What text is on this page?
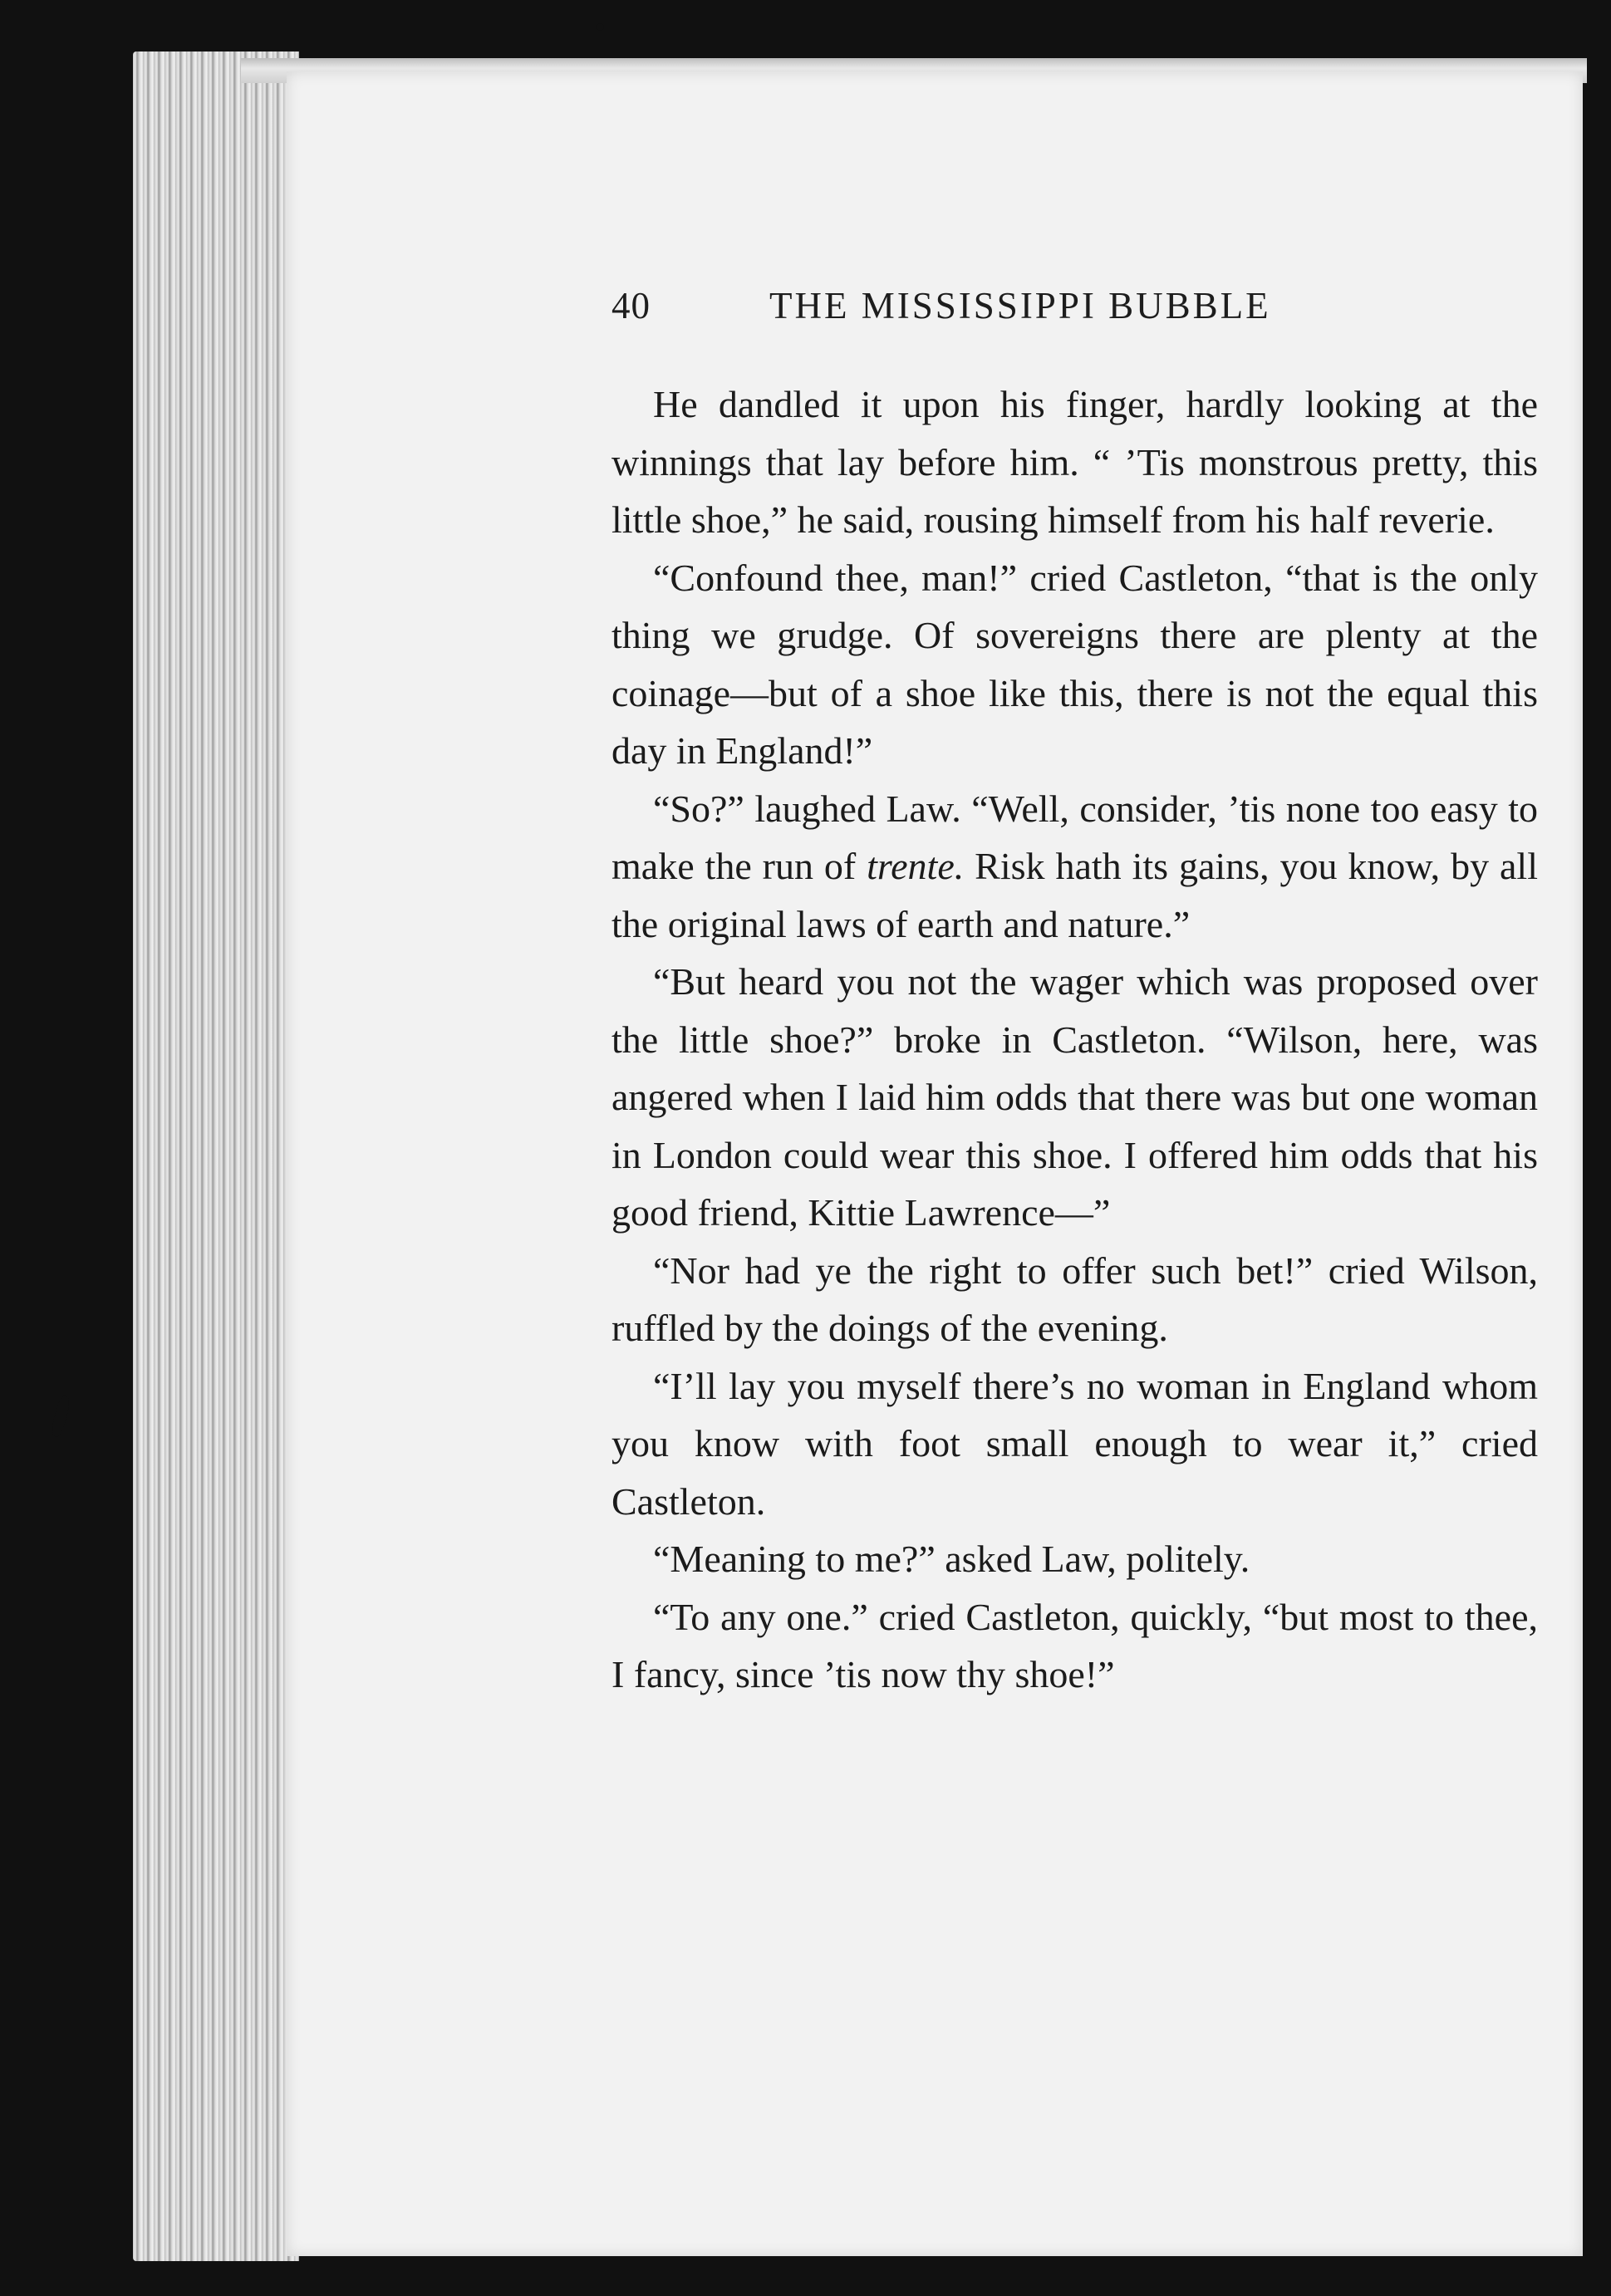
40	THE MISSISSIPPI BUBBLE

He dandled it upon his finger, hardly looking at the winnings that lay before him. “ ’Tis monstrous pretty, this little shoe,” he said, rousing himself from his half reverie.

“Confound thee, man!” cried Castleton, “that is the only thing we grudge. Of sovereigns there are plenty at the coinage—but of a shoe like this, there is not the equal this day in England!”

“So?” laughed Law. “Well, consider, ’tis none too easy to make the run of trente. Risk hath its gains, you know, by all the original laws of earth and nature.”

“But heard you not the wager which was proposed over the little shoe?” broke in Castleton. “Wilson, here, was angered when I laid him odds that there was but one woman in London could wear this shoe. I offered him odds that his good friend, Kittie Lawrence—”

“Nor had ye the right to offer such bet!” cried Wilson, ruffled by the doings of the evening.

“I’ll lay you myself there’s no woman in England whom you know with foot small enough to wear it,” cried Castleton.

“Meaning to me?” asked Law, politely.

“To any one.” cried Castleton, quickly, “but most to thee, I fancy, since ’tis now thy shoe!”
